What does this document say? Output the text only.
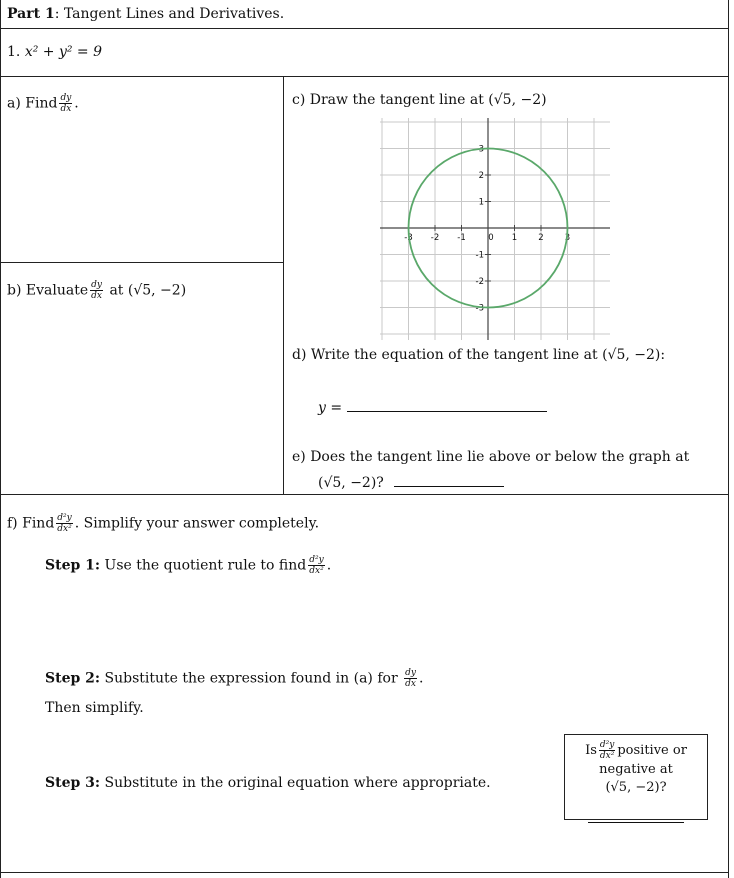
Part 1: Tangent Lines and Derivatives.
1. x² + y² = 9
a) Find $\frac{dy}{dx}$ .
b) Evaluate $\frac{dy}{dx}$ at (√5, −2)
c) Draw the tangent line at (√5, −2)
-3 -2 -1	0 1 2 3
3
2
1
-1
-2
-3
d) Write the equation of the tangent line at (√5, −2):
y =
e) Does the tangent line lie above or below the graph at
(√5, −2)?
f) Find $\frac{\text{d²y}}{\text{dx²}}$ . Simplify your answer completely.
Step 1: Use the quotient rule to find $\frac{\text{d²y}}{\text{dx²}}$ .
Step 2: Substitute the expression found in (a) for $\frac{dy}{dx}$ .
Then simplify.
Step 3: Substitute in the original equation where appropriate.
Is $\frac{\text{d²y}}{\text{dx²}}$ positive or
negative at
(√5, −2)?
